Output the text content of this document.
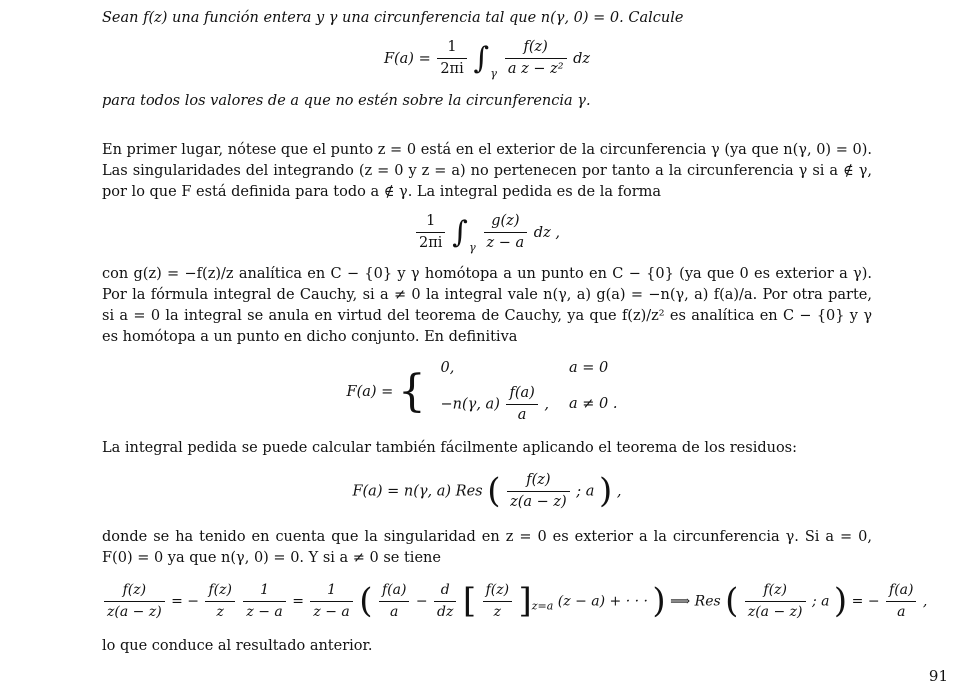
Sean f(z) una función entera y γ una circunferencia tal que n(γ, 0) = 0. Calcule

$F(a) = \frac{1}{2\pi i}$ ∫ γ
$\frac{f(z)}{\text{a z − z²}}$ dz

para todos los valores de a que no estén sobre la circunferencia γ.

En primer lugar, nótese que el punto z = 0 está en el exterior de la circunferencia γ (ya que n(γ, 0) = 0). Las singularidades del integrando (z = 0 y z = a) no pertenecen por tanto a la circunferencia γ si a ∉ γ, por lo que F está definida para todo a ∉ γ. La integral pedida es de la forma

$\frac{1}{2\pi i}$ ∫ γ
$\frac{g(z)}{z - a}$ dz ,

con g(z) = −f(z)/z analítica en C − {0} y γ homótopa a un punto en C − {0} (ya que 0 es exterior a γ). Por la fórmula integral de Cauchy, si a ≠ 0 la integral vale n(γ, a) g(a) = −n(γ, a) f(a)/a. Por otra parte, si a = 0 la integral se anula en virtud del teorema de Cauchy, ya que f(z)/z² es analítica en C − {0} y γ es homótopa a un punto en dicho conjunto. En definitiva

F(a) = { 0,	a = 0
−n(γ, $a) \frac{f(a)}{a}$ ,	a ≠ 0 .

La integral pedida se puede calcular también fácilmente aplicando el teorema de los residuos:

F(a) = n(γ, a) Res ( $\frac{f(z)}{z(a - z)}$ ; a ) ,

donde se ha tenido en cuenta que la singularidad en z = 0 es exterior a la circunferencia γ. Si a = 0, F(0) = 0 ya que n(γ, 0) = 0. Y si a ≠ 0 se tiene

$\frac{f(z)}{z(a - z)}$ = − $\frac{f(z)}{z}$
$\frac{1}{z - a} = \frac{1}{z - a}$ ( $\frac{f(a)}{a} - \frac{d}{dz}$ [ $\frac{f(z)}{z} ]_{z=a}$ (z − a) + · · · ) ⟹ Res ( $\frac{f(z)}{z(a - z)}$ ; a ) = − $\frac{f(a)}{a}$ ,

lo que conduce al resultado anterior.

91
